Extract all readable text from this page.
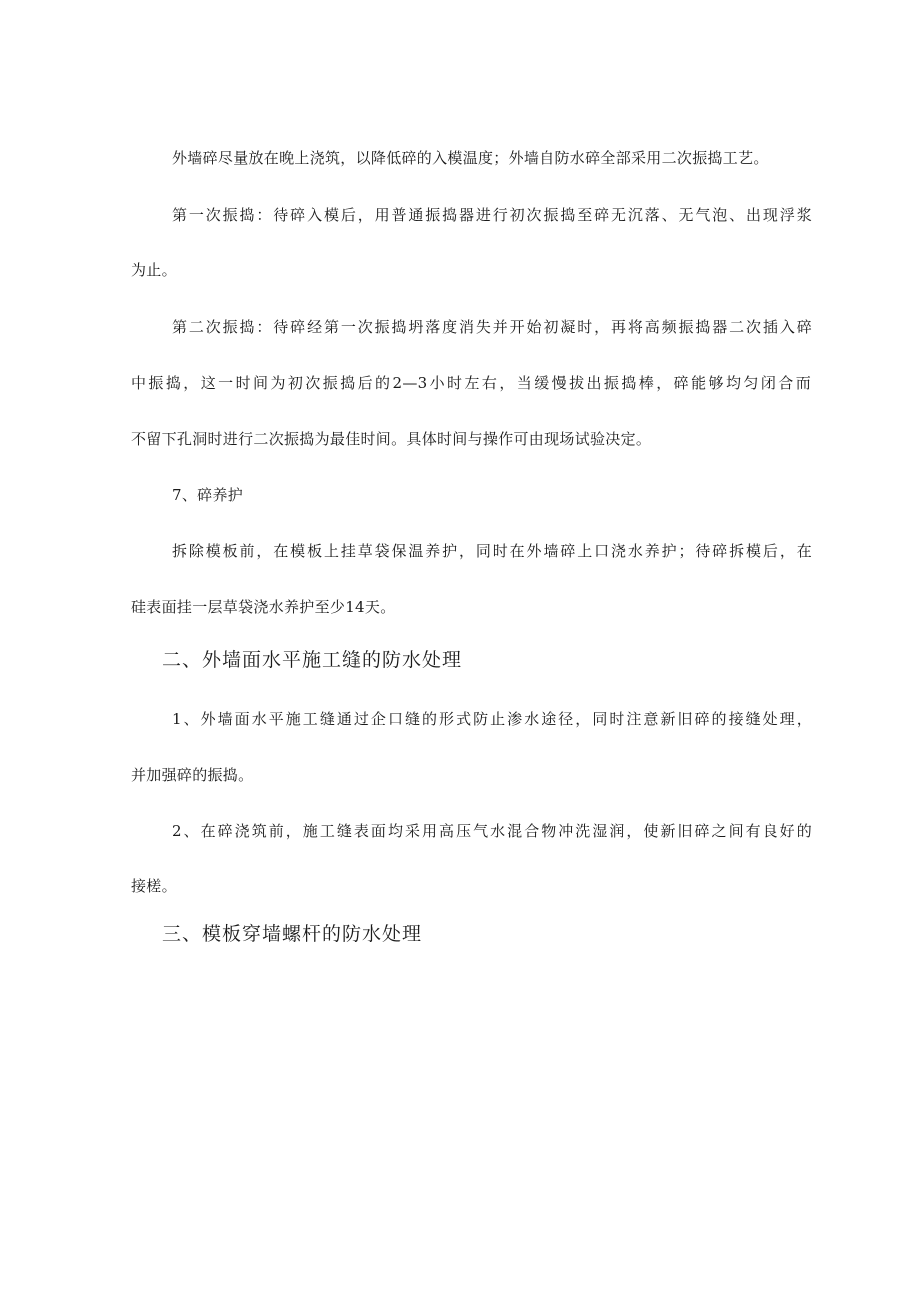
外墙碎尽量放在晚上浇筑，以降低碎的入模温度；外墙自防水碎全部采用二次振捣工艺。
第一次振捣：待碎入模后，用普通振捣器进行初次振捣至碎无沉落、无气泡、出现浮浆
为止。
第二次振捣：待碎经第一次振捣坍落度消失并开始初凝时，再将高频振捣器二次插入碎
中振捣，这一时间为初次振捣后的2—3小时左右，当缓慢拔出振捣棒，碎能够均匀闭合而
不留下孔洞时进行二次振捣为最佳时间。具体时间与操作可由现场试验决定。
7、碎养护
拆除模板前，在模板上挂草袋保温养护，同时在外墙碎上口浇水养护；待碎拆模后，在
硅表面挂一层草袋浇水养护至少14天。
二、外墙面水平施工缝的防水处理
1、外墙面水平施工缝通过企口缝的形式防止渗水途径，同时注意新旧碎的接缝处理，
并加强碎的振捣。
2、在碎浇筑前，施工缝表面均采用高压气水混合物冲洗湿润，使新旧碎之间有良好的
接槎。
三、模板穿墙螺杆的防水处理
